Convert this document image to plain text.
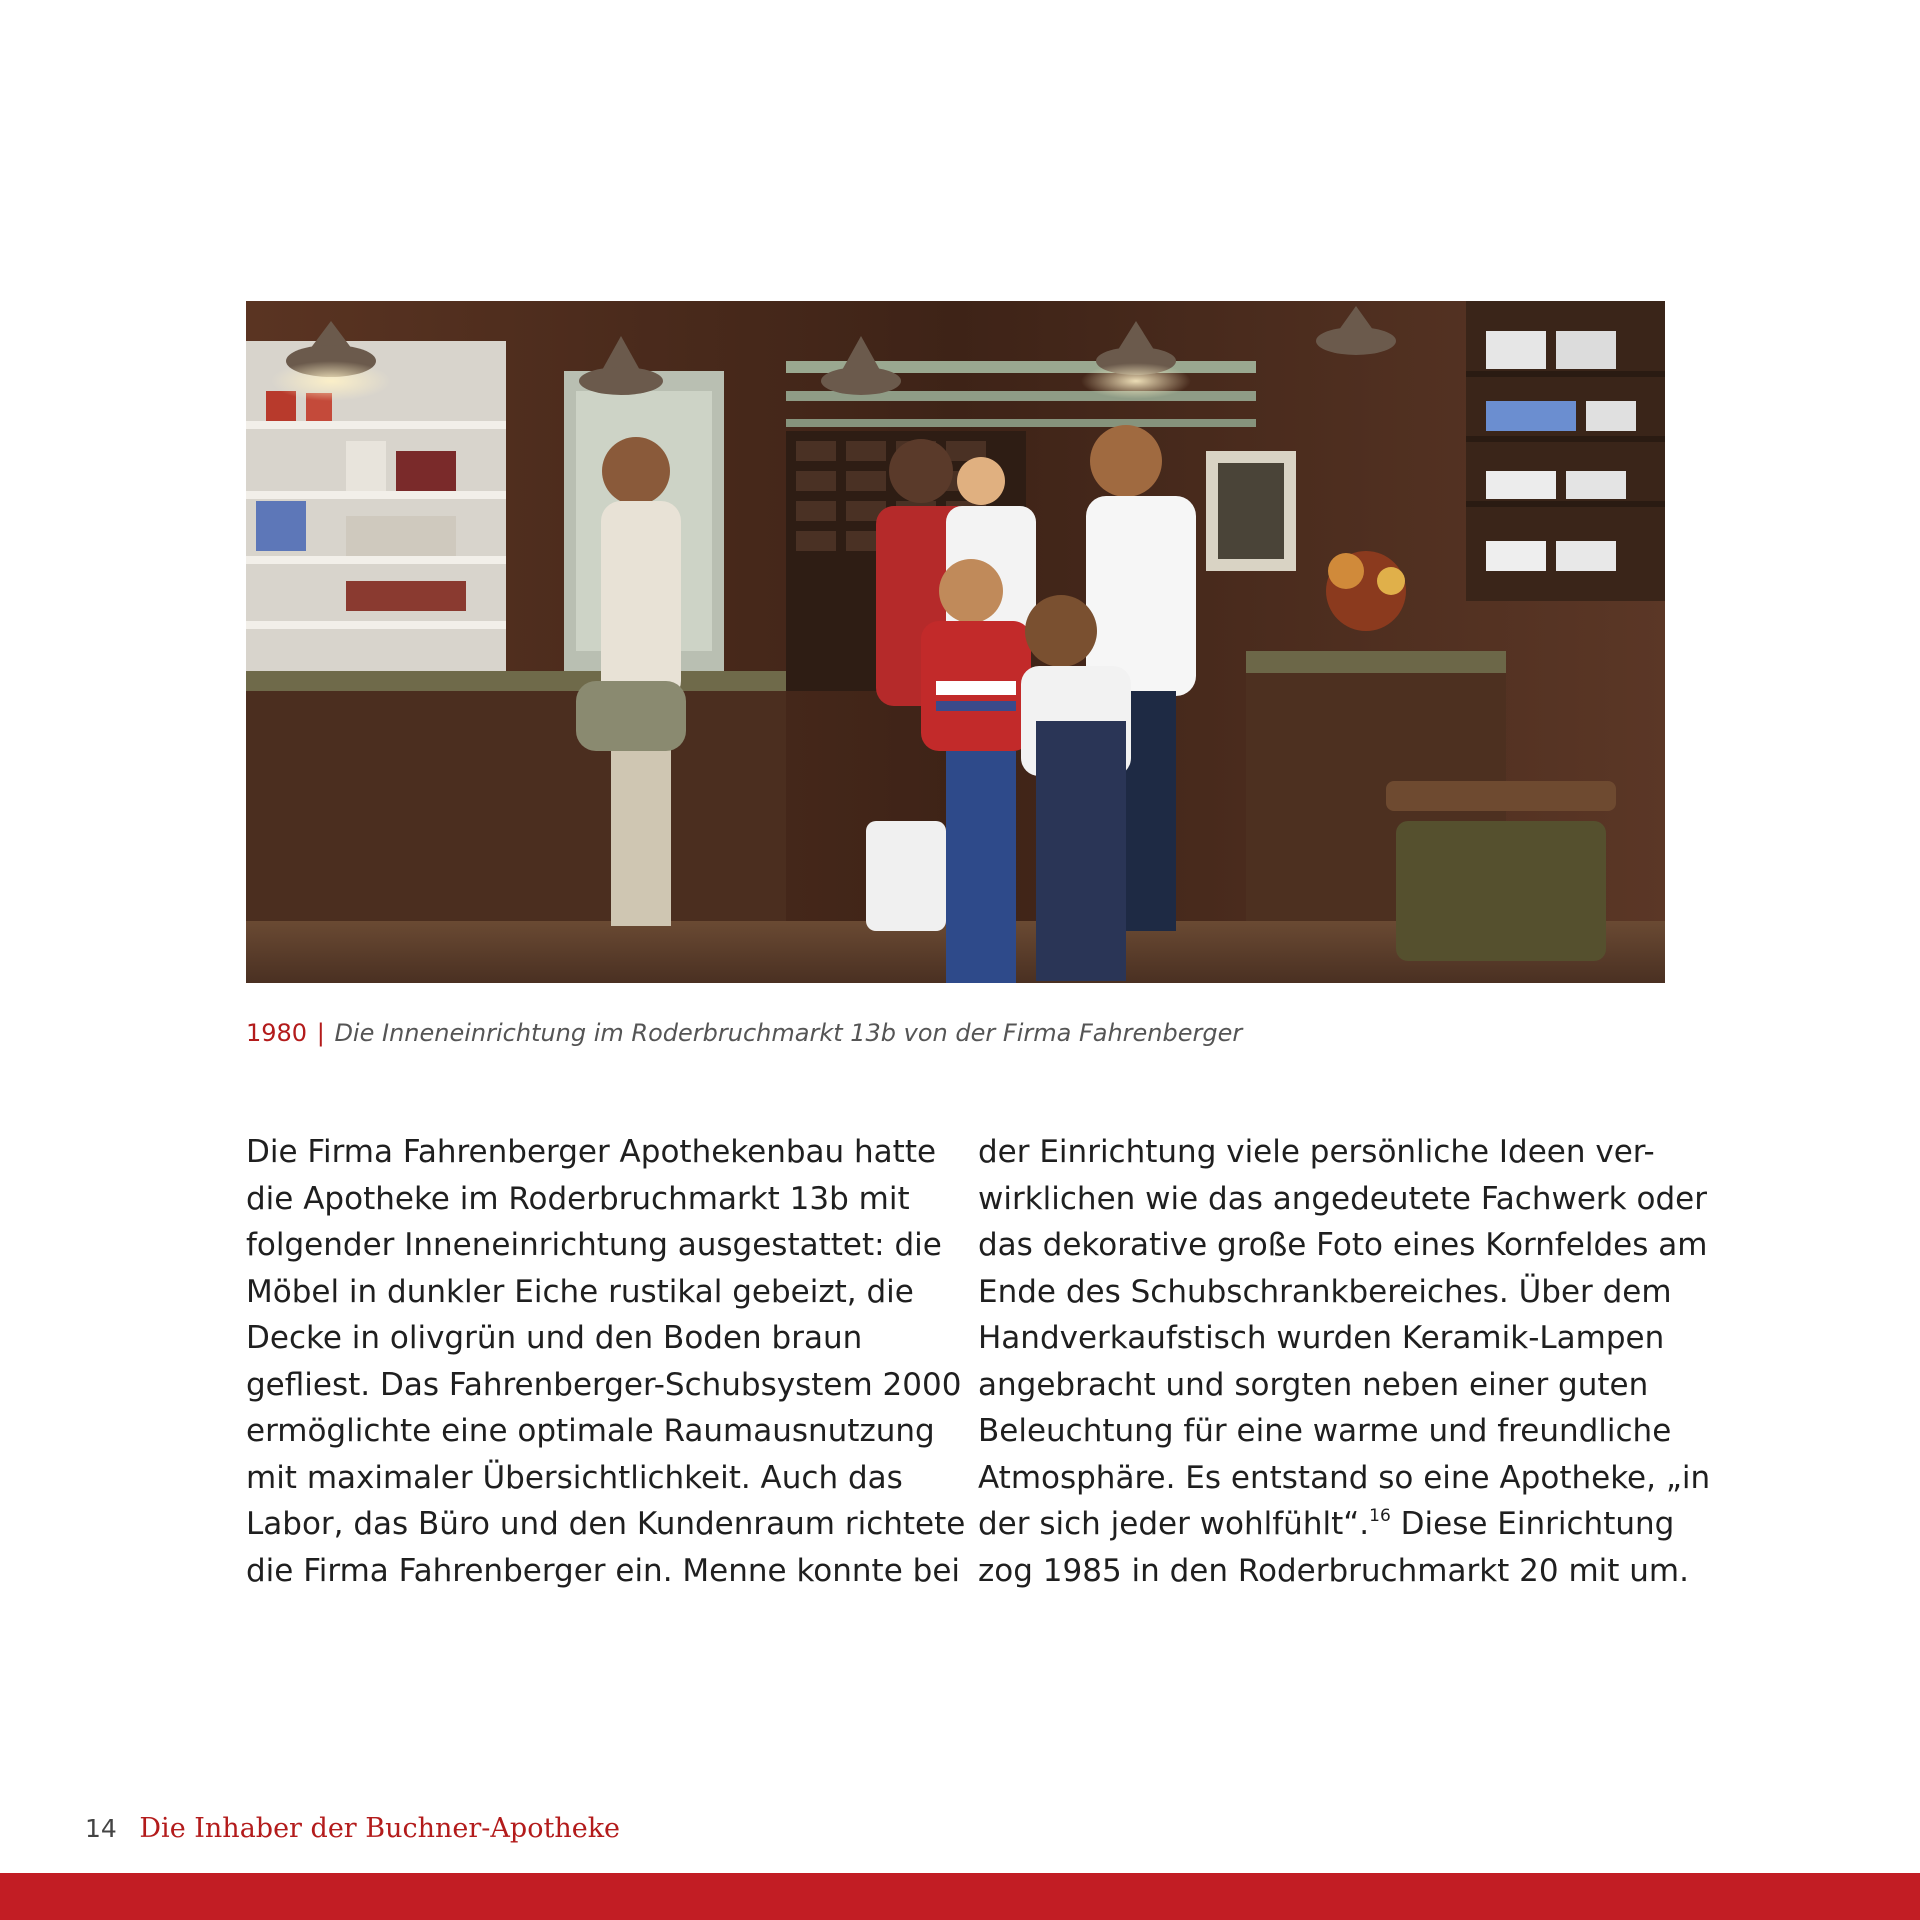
1980 | Die Inneneinrichtung im Roderbruchmarkt 13b von der Firma Fahrenberger
Die Firma Fahrenberger Apothekenbau hatte
die Apotheke im Roderbruchmarkt 13b mit
folgender Inneneinrichtung ausgestattet: die
Möbel in dunkler Eiche rustikal gebeizt, die
Decke in olivgrün und den Boden braun
gefliest. Das Fahrenberger-Schubsystem 2000
ermöglichte eine optimale Raumausnutzung
mit maximaler Übersichtlichkeit. Auch das
Labor, das Büro und den Kundenraum richtete
die Firma Fahrenberger ein. Menne konnte bei
der Einrichtung viele persönliche Ideen ver-
wirklichen wie das angedeutete Fachwerk oder
das dekorative große Foto eines Kornfeldes am
Ende des Schubschrankbereiches. Über dem
Handverkaufstisch wurden Keramik-Lampen
angebracht und sorgten neben einer guten
Beleuchtung für eine warme und freundliche
Atmosphäre. Es entstand so eine Apotheke, „in
der sich jeder wohlfühlt“.$^{16}$ Diese Einrichtung
zog 1985 in den Roderbruchmarkt 20 mit um.
14 Die Inhaber der Buchner-Apotheke
